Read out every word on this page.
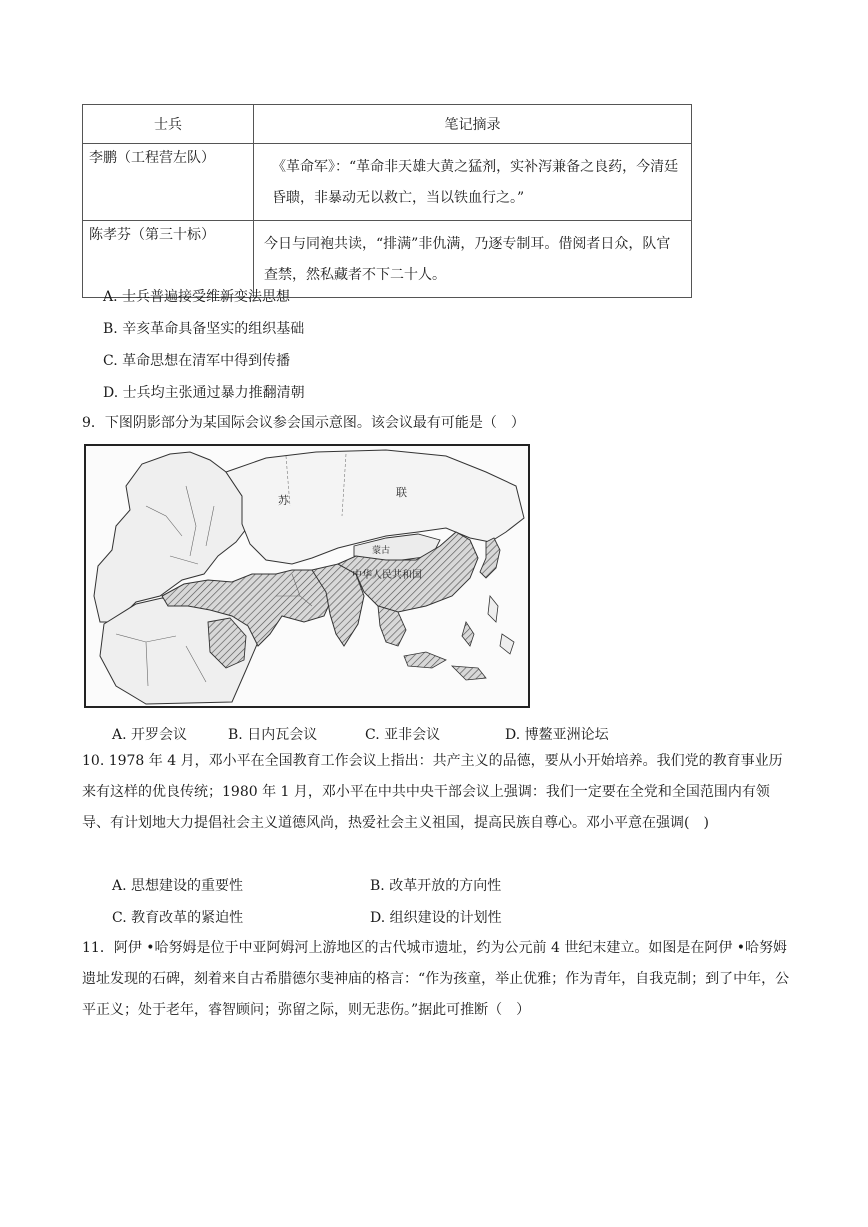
士兵	笔记摘录
李鹏（工程营左队）	《革命军》：“革命非天雄大黄之猛剂，实补泻兼备之良药，今清廷昏聩，非暴动无以救亡，当以铁血行之。”
陈孝芬（第三十标）	今日与同袍共读，“排满”非仇满，乃逐专制耳。借阅者日众，队官查禁，然私藏者不下二十人。
A. 士兵普遍接受维新变法思想
B. 辛亥革命具备坚实的组织基础
C. 革命思想在清军中得到传播
D. 士兵均主张通过暴力推翻清朝
9．下图阴影部分为某国际会议参会国示意图。该会议最有可能是（　）
苏
联
蒙古
中华人民共和国
A. 开罗会议	B. 日内瓦会议	C. 亚非会议	D. 博鳌亚洲论坛
10. 1978 年 4 月，邓小平在全国教育工作会议上指出：共产主义的品德，要从小开始培养。我们党的教育事业历来有这样的优良传统；1980 年 1 月，邓小平在中共中央干部会议上强调：我们一定要在全党和全国范围内有领导、有计划地大力提倡社会主义道德风尚，热爱社会主义祖国，提高民族自尊心。邓小平意在强调(　)
A. 思想建设的重要性	B. 改革开放的方向性
C. 教育改革的紧迫性	D. 组织建设的计划性
11．阿伊 •哈努姆是位于中亚阿姆河上游地区的古代城市遗址，约为公元前 4 世纪末建立。如图是在阿伊 •哈努姆遗址发现的石碑，刻着来自古希腊德尔斐神庙的格言：“作为孩童，举止优雅；作为青年，自我克制；到了中年，公平正义；处于老年，睿智顾问；弥留之际，则无悲伤。”据此可推断（　）
